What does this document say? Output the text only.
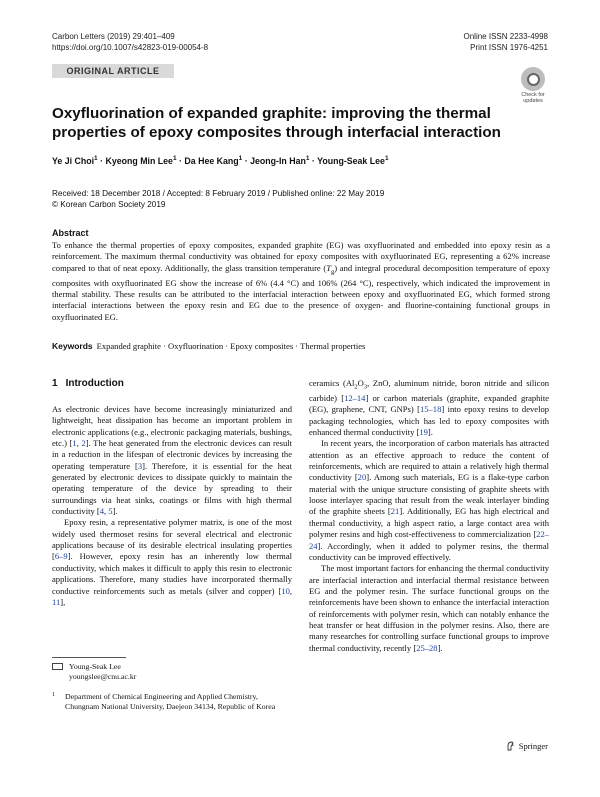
Carbon Letters (2019) 29:401–409
https://doi.org/10.1007/s42823-019-00054-8
Online ISSN 2233-4998
Print ISSN 1976-4251
ORIGINAL ARTICLE
Check for
updates
Oxyfluorination of expanded graphite: improving the thermal
properties of epoxy composites through interfacial interaction
Ye Ji Choi$^1$ · Kyeong Min Lee$^1$ · Da Hee Kang$^1$ · Jeong-In Han$^1$ · Young-Seak Lee$^1$
Received: 18 December 2018 / Accepted: 8 February 2019 / Published online: 22 May 2019
© Korean Carbon Society 2019
Abstract
To enhance the thermal properties of epoxy composites, expanded graphite (EG) was oxyfluorinated and embedded into epoxy resin as a reinforcement. The maximum thermal conductivity was obtained for epoxy composites with oxyfluorinated EG, representing a 62% increase compared to that of neat epoxy. Additionally, the glass transition temperature $(T_g)$ and integral procedural decomposition temperature of epoxy composites with oxyfluorinated EG show the increase of 6% (4.4 °C) and 106% (264 °C), respectively, which indicated the improvement in thermal stability. These results can be attributed to the interfacial interaction between epoxy and oxyfluorinated EG, which formed strong interfacial interactions between the epoxy resin and EG due to the presence of oxygen- and fluorine-containing functional groups in oxyfluorinated EG.
Keywords Expanded graphite · Oxyfluorination · Epoxy composites · Thermal properties
1 Introduction

As electronic devices have become increasingly miniaturized and lightweight, heat dissipation has become an important problem in electronic applications (e.g., electronic packaging materials, bushings, etc.) [1, 2]. The heat generated from the electronic devices can result in a reduction in the lifespan of electronic devices by increasing the operating temperature [3]. Therefore, it is essential for the heat generated by electronic devices to dissipate quickly to maintain the operating temperature of the device by spreading to their surroundings via heat sinks, coatings or films with high thermal conductivity [4, 5].

Epoxy resin, a representative polymer matrix, is one of the most widely used thermoset resins for several electrical and electronic applications because of its desirable electrical insulating properties [6–9]. However, epoxy resin has an inherently low thermal conductivity, which makes it difficult to apply this resin to electronic applications. Therefore, many studies have incorporated thermally conductive reinforcements such as metals (silver and copper) [10, 11],

ceramics ($Al_2O_3$, ZnO, aluminum nitride, boron nitride and silicon carbide) [12–14] or carbon materials (graphite, expanded graphite (EG), graphene, CNT, GNPs) [15–18] into epoxy resins to develop packaging technologies, which has led to epoxy composites with enhanced thermal conductivity [19].

In recent years, the incorporation of carbon materials has attracted attention as an effective approach to reduce the content of reinforcements, which are required to attain a relatively high thermal conductivity [20]. Among such materials, EG is a flake-type carbon material with the unique structure consisting of graphite sheets with loose interlayer spacing that result from the weak interlayer binding of the graphite sheets [21]. Additionally, EG has high electrical and thermal conductivity, a high aspect ratio, a large contact area with polymer resins and high cost-effectiveness to commercialization [22–24]. Accordingly, when it added to polymer resins, the thermal conductivity can be improved effectively.

The most important factors for enhancing the thermal conductivity are interfacial interaction and interfacial thermal resistance between EG and the polymer resin. The surface functional groups on the reinforcements have been shown to enhance the interfacial interaction of reinforcements with polymer resin, which can notably enhance the heat transfer or heat diffusion in the polymer resins. Also, there are many researches for controlling surface functional groups to improve thermal conductivity, recently [25–28].

Young-Seak Lee
youngslee@cnu.ac.kr
1 Department of Chemical Engineering and Applied Chemistry, Chungnam National University, Daejeon 34134, Republic of Korea
Springer
